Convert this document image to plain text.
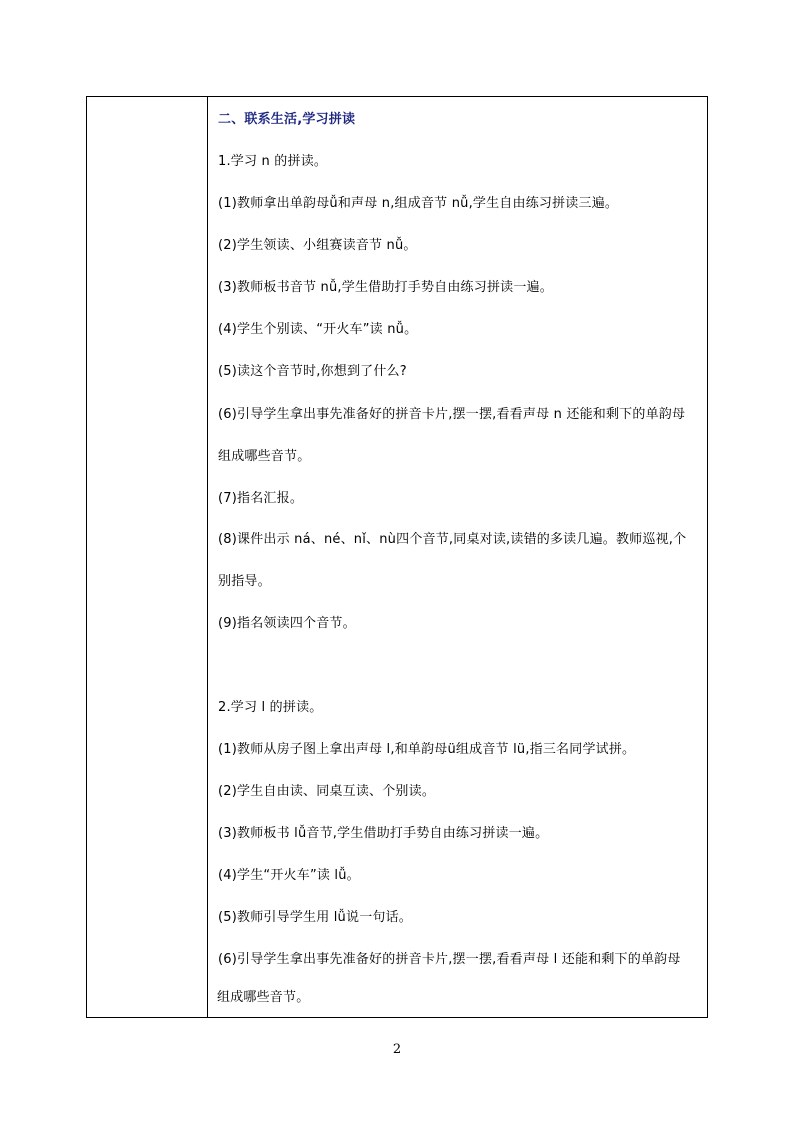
二、联系生活,学习拼读
1.学习 n 的拼读。
(1)教师拿出单韵母ǚ和声母 n,组成音节 nǚ,学生自由练习拼读三遍。
(2)学生领读、小组赛读音节 nǚ。
(3)教师板书音节 nǚ,学生借助打手势自由练习拼读一遍。
(4)学生个别读、“开火车”读 nǚ。
(5)读这个音节时,你想到了什么?
(6)引导学生拿出事先准备好的拼音卡片,摆一摆,看看声母 n 还能和剩下的单韵母
组成哪些音节。
(7)指名汇报。
(8)课件出示 ná、né、nǐ、nù四个音节,同桌对读,读错的多读几遍。教师巡视,个
别指导。
(9)指名领读四个音节。
2.学习 l 的拼读。
(1)教师从房子图上拿出声母 l,和单韵母ü组成音节 lü,指三名同学试拼。
(2)学生自由读、同桌互读、个别读。
(3)教师板书 lǚ音节,学生借助打手势自由练习拼读一遍。
(4)学生“开火车”读 lǚ。
(5)教师引导学生用 lǚ说一句话。
(6)引导学生拿出事先准备好的拼音卡片,摆一摆,看看声母 l 还能和剩下的单韵母
组成哪些音节。
2
